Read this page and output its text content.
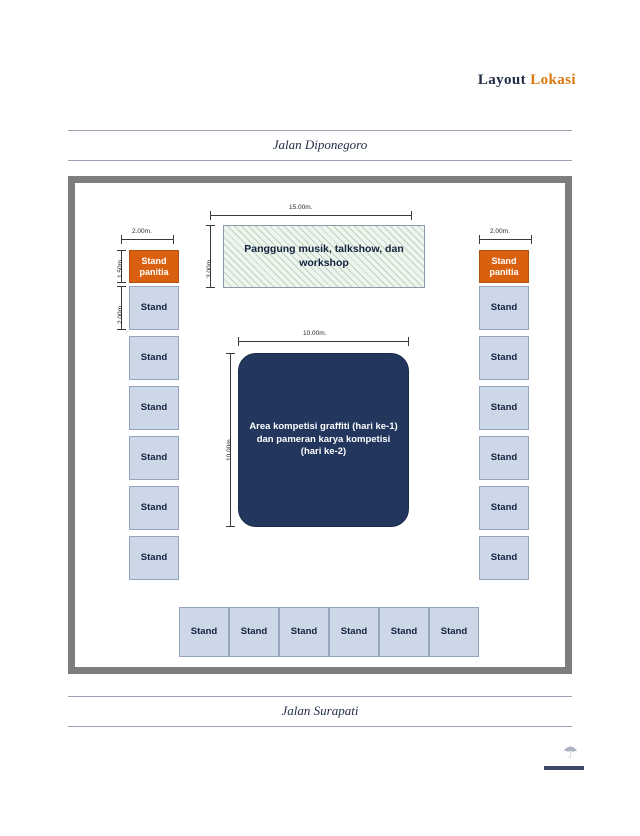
Layout Lokasi
Jalan Diponegoro
15.00m.
3.00m.
Panggung musik, talkshow, dan workshop
2.00m.
1.50m.
2.00m.
Stand panitia
Stand
Stand
Stand
Stand
Stand
Stand
2.00m.
Stand panitia
Stand
Stand
Stand
Stand
Stand
Stand
10.00m.
10.00m.
Area kompetisi graffiti (hari ke-1) dan pameran karya kompetisi (hari ke-2)
Stand Stand Stand Stand Stand Stand
Jalan Surapati
☂
